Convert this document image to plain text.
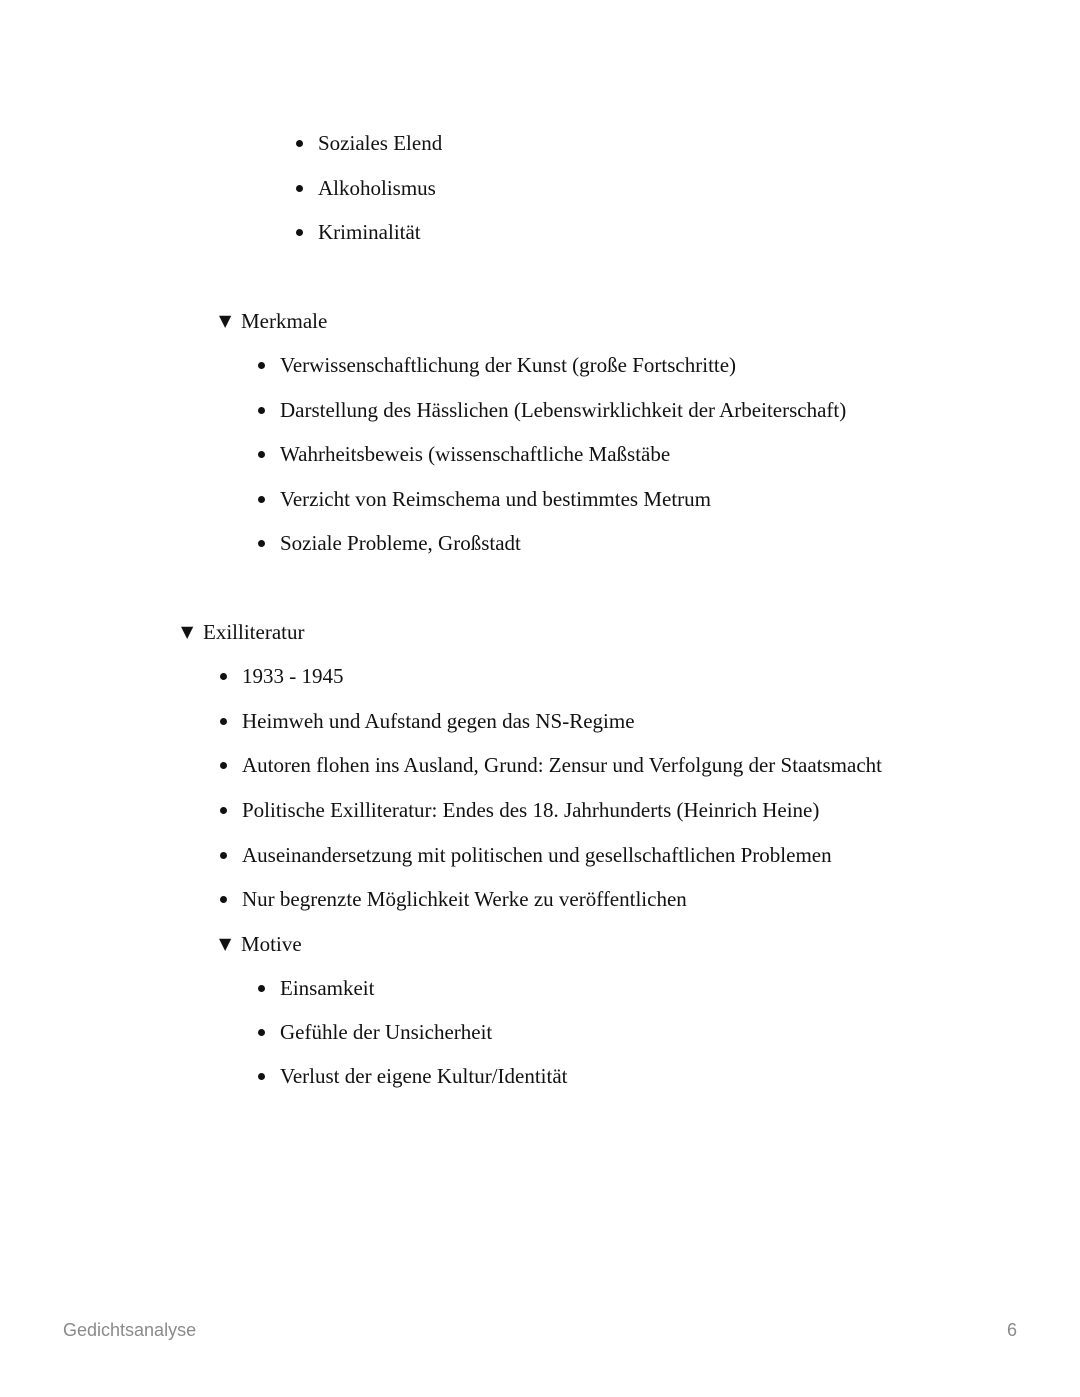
Soziales Elend
Alkoholismus
Kriminalität
▼ Merkmale
Verwissenschaftlichung der Kunst (große Fortschritte)
Darstellung des Hässlichen (Lebenswirklichkeit der Arbeiterschaft)
Wahrheitsbeweis (wissenschaftliche Maßstäbe
Verzicht von Reimschema und bestimmtes Metrum
Soziale Probleme, Großstadt
▼ Exilliteratur
1933 - 1945
Heimweh und Aufstand gegen das NS-Regime
Autoren flohen ins Ausland, Grund: Zensur und Verfolgung der Staatsmacht
Politische Exilliteratur: Endes des 18. Jahrhunderts (Heinrich Heine)
Auseinandersetzung mit politischen und gesellschaftlichen Problemen
Nur begrenzte Möglichkeit Werke zu veröffentlichen
▼ Motive
Einsamkeit
Gefühle der Unsicherheit
Verlust der eigene Kultur/Identität
Gedichtsanalyse	6
